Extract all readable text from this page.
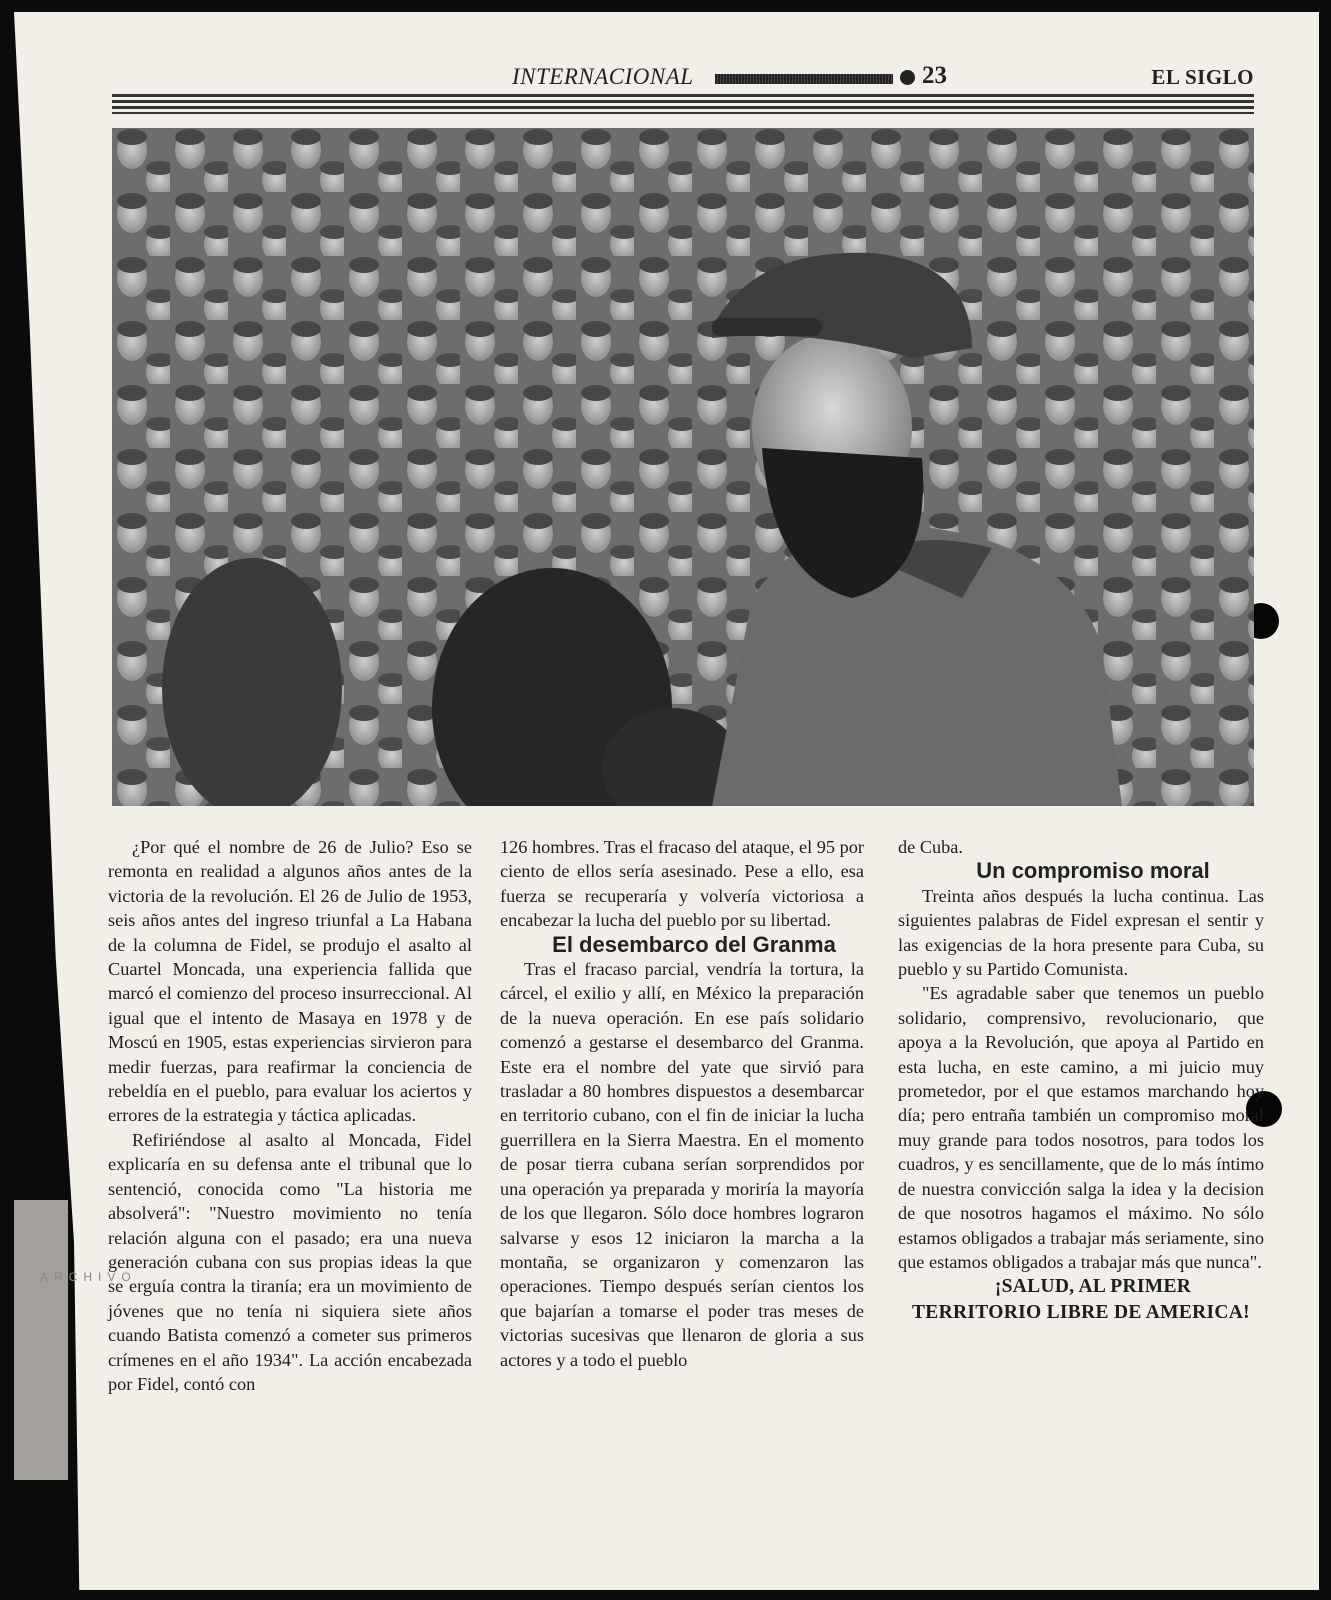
INTERNACIONAL	23	EL SIGLO

¿Por qué el nombre de 26 de Julio? Eso se remonta en realidad a algunos años antes de la victoria de la revolución. El 26 de Julio de 1953, seis años antes del ingreso triunfal a La Habana de la columna de Fidel, se produjo el asalto al Cuartel Moncada, una experiencia fallida que marcó el comienzo del proceso insurreccional. Al igual que el intento de Masaya en 1978 y de Moscú en 1905, estas experiencias sirvieron para medir fuerzas, para reafirmar la conciencia de rebeldía en el pueblo, para evaluar los aciertos y errores de la estrategia y táctica aplicadas.

Refiriéndose al asalto al Moncada, Fidel explicaría en su defensa ante el tribunal que lo sentenció, conocida como "La historia me absolverá": "Nuestro movimiento no tenía relación alguna con el pasado; era una nueva generación cubana con sus propias ideas la que se erguía contra la tiranía; era un movimiento de jóvenes que no tenía ni siquiera siete años cuando Batista comenzó a cometer sus primeros crímenes en el año 1934". La acción encabezada por Fidel, contó con

126 hombres. Tras el fracaso del ataque, el 95 por ciento de ellos sería asesinado. Pese a ello, esa fuerza se recuperaría y volvería victoriosa a encabezar la lucha del pueblo por su libertad.

El desembarco del Granma

Tras el fracaso parcial, vendría la tortura, la cárcel, el exilio y allí, en México la preparación de la nueva operación. En ese país solidario comenzó a gestarse el desembarco del Granma. Este era el nombre del yate que sirvió para trasladar a 80 hombres dispuestos a desembarcar en territorio cubano, con el fin de iniciar la lucha guerrillera en la Sierra Maestra. En el momento de posar tierra cubana serían sorprendidos por una operación ya preparada y moriría la mayoría de los que llegaron. Sólo doce hombres lograron salvarse y esos 12 iniciaron la marcha a la montaña, se organizaron y comenzaron las operaciones. Tiempo después serían cientos los que bajarían a tomarse el poder tras meses de victorias sucesivas que llenaron de gloria a sus actores y a todo el pueblo

de Cuba.

Un compromiso moral

Treinta años después la lucha continua. Las siguientes palabras de Fidel expresan el sentir y las exigencias de la hora presente para Cuba, su pueblo y su Partido Comunista.

"Es agradable saber que tenemos un pueblo solidario, comprensivo, revolucionario, que apoya a la Revolución, que apoya al Partido en esta lucha, en este camino, a mi juicio muy prometedor, por el que estamos marchando hoy día; pero entraña también un compromiso moral muy grande para todos nosotros, para todos los cuadros, y es sencillamente, que de lo más íntimo de nuestra convicción salga la idea y la decision de que nosotros hagamos el máximo. No sólo estamos obligados a trabajar más seriamente, sino que estamos obligados a trabajar más que nunca".

¡SALUD, AL PRIMER
TERRITORIO LIBRE DE AMERICA!

ARCHIVO
